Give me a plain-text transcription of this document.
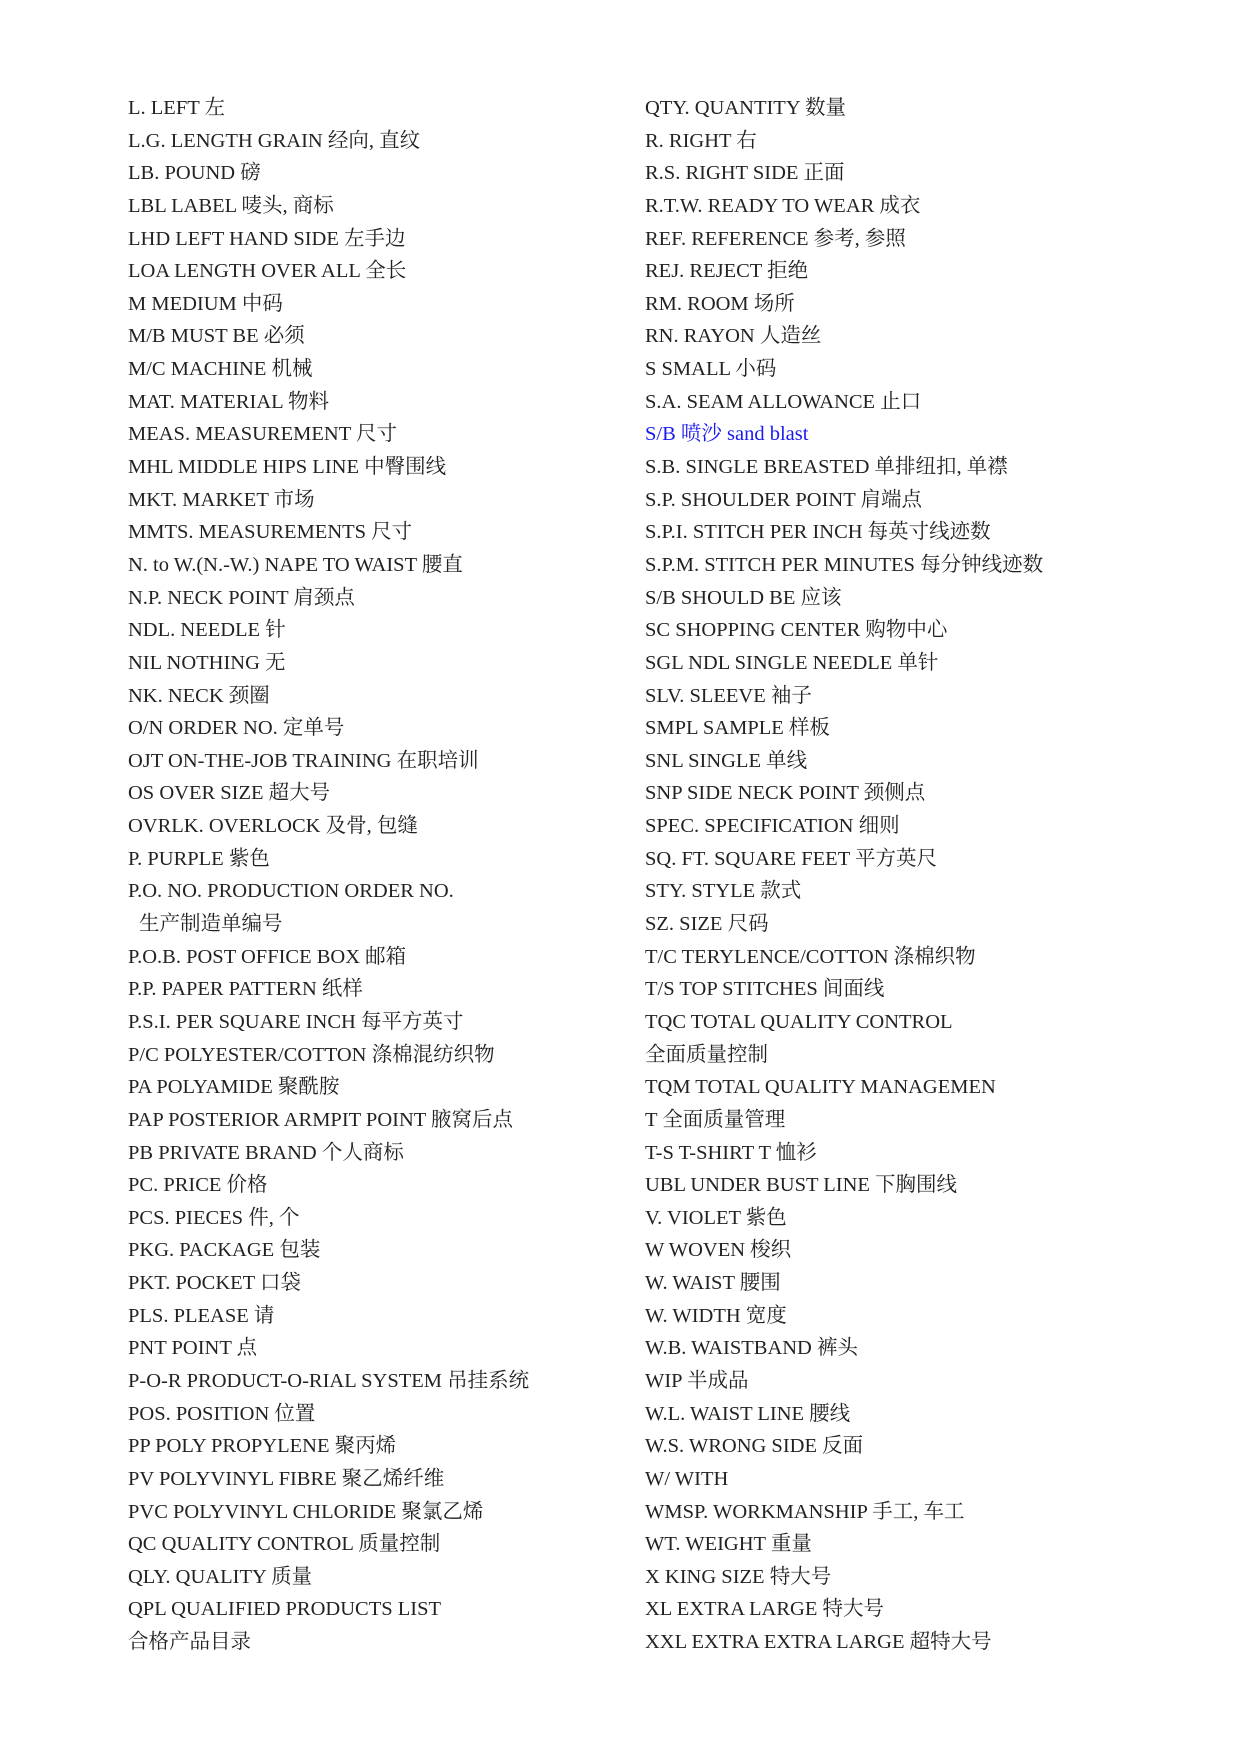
L. LEFT 左
L.G. LENGTH GRAIN 经向, 直纹
LB. POUND 磅
LBL LABEL 唛头, 商标
LHD LEFT HAND SIDE 左手边
LOA LENGTH OVER ALL 全长
M MEDIUM 中码
M/B MUST BE 必须
M/C MACHINE 机械
MAT. MATERIAL 物料
MEAS. MEASUREMENT 尺寸
MHL MIDDLE HIPS LINE 中臀围线
MKT. MARKET 市场
MMTS. MEASUREMENTS 尺寸
N. to W.(N.-W.) NAPE TO WAIST 腰直
N.P. NECK POINT 肩颈点
NDL. NEEDLE 针
NIL NOTHING 无
NK. NECK 颈圈
O/N ORDER NO. 定单号
OJT ON-THE-JOB TRAINING 在职培训
OS OVER SIZE 超大号
OVRLK. OVERLOCK 及骨, 包缝
P. PURPLE 紫色
P.O. NO. PRODUCTION ORDER NO.
生产制造单编号
P.O.B. POST OFFICE BOX 邮箱
P.P. PAPER PATTERN 纸样
P.S.I. PER SQUARE INCH 每平方英寸
P/C POLYESTER/COTTON 涤棉混纺织物
PA POLYAMIDE 聚酰胺
PAP POSTERIOR ARMPIT POINT 腋窝后点
PB PRIVATE BRAND 个人商标
PC. PRICE 价格
PCS. PIECES 件, 个
PKG. PACKAGE 包装
PKT. POCKET 口袋
PLS. PLEASE 请
PNT POINT 点
P-O-R PRODUCT-O-RIAL SYSTEM 吊挂系统
POS. POSITION 位置
PP POLY PROPYLENE 聚丙烯
PV POLYVINYL FIBRE 聚乙烯纤维
PVC POLYVINYL CHLORIDE 聚氯乙烯
QC QUALITY CONTROL 质量控制
QLY. QUALITY 质量
QPL QUALIFIED PRODUCTS LIST
合格产品目录
QTY. QUANTITY 数量
R. RIGHT 右
R.S. RIGHT SIDE 正面
R.T.W. READY TO WEAR 成衣
REF. REFERENCE 参考, 参照
REJ. REJECT 拒绝
RM. ROOM 场所
RN. RAYON 人造丝
S SMALL 小码
S.A. SEAM ALLOWANCE 止口
S/B 喷沙 sand blast
S.B. SINGLE BREASTED 单排纽扣, 单襟
S.P. SHOULDER POINT 肩端点
S.P.I. STITCH PER INCH 每英寸线迹数
S.P.M. STITCH PER MINUTES 每分钟线迹数
S/B SHOULD BE 应该
SC SHOPPING CENTER 购物中心
SGL NDL SINGLE NEEDLE 单针
SLV. SLEEVE 袖子
SMPL SAMPLE 样板
SNL SINGLE 单线
SNP SIDE NECK POINT 颈侧点
SPEC. SPECIFICATION 细则
SQ. FT. SQUARE FEET 平方英尺
STY. STYLE 款式
SZ. SIZE 尺码
T/C TERYLENCE/COTTON 涤棉织物
T/S TOP STITCHES 间面线
TQC TOTAL QUALITY CONTROL
全面质量控制
TQM TOTAL QUALITY MANAGEMEN
T 全面质量管理
T-S T-SHIRT T 恤衫
UBL UNDER BUST LINE 下胸围线
V. VIOLET 紫色
W WOVEN 梭织
W. WAIST 腰围
W. WIDTH 宽度
W.B. WAISTBAND 裤头
WIP 半成品
W.L. WAIST LINE 腰线
W.S. WRONG SIDE 反面
W/ WITH
WMSP. WORKMANSHIP 手工, 车工
WT. WEIGHT 重量
X KING SIZE 特大号
XL EXTRA LARGE 特大号
XXL EXTRA EXTRA LARGE 超特大号
